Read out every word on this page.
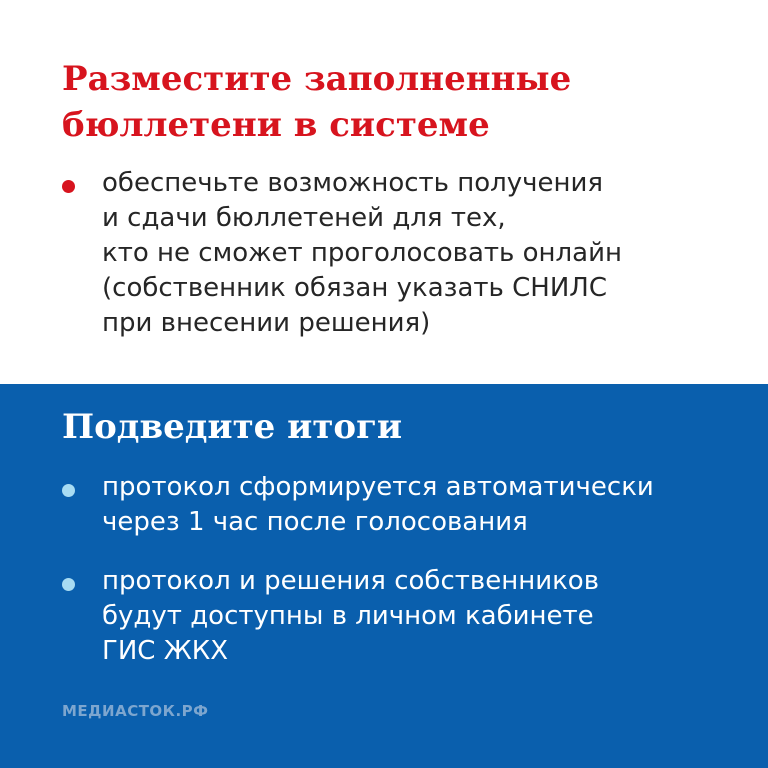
Разместите заполненные
бюллетени в системе

обеспечьте возможность получения
и сдачи бюллетеней для тех,
кто не сможет проголосовать онлайн
(собственник обязан указать СНИЛС
при внесении решения)

Подведите итоги

протокол сформируется автоматически
через 1 час после голосования

протокол и решения собственников
будут доступны в личном кабинете
ГИС ЖКХ

МЕДИАСТОК.РФ
